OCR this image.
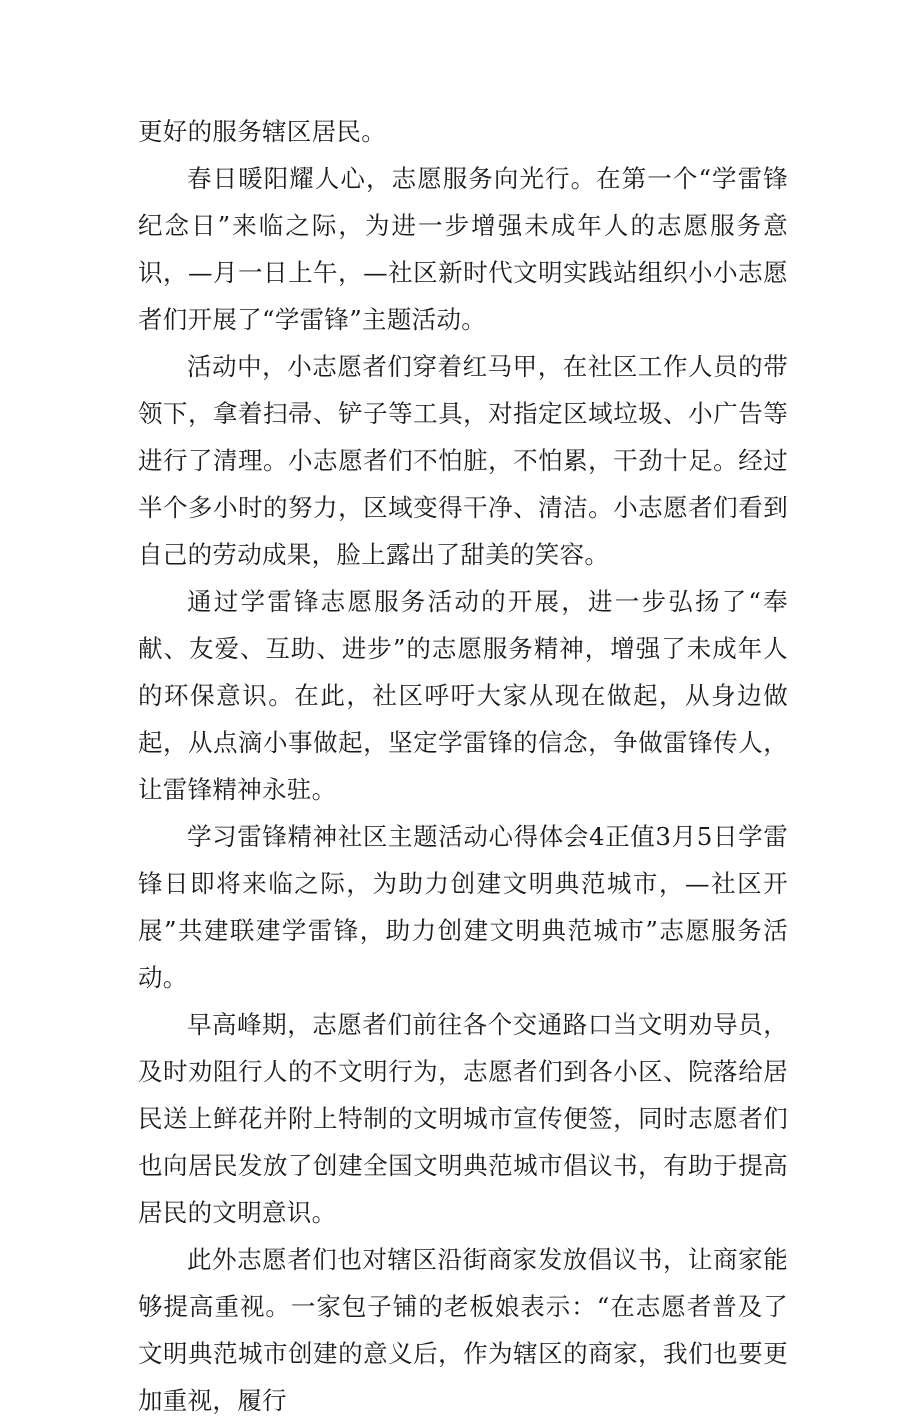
更好的服务辖区居民。

春日暖阳耀人心，志愿服务向光行。在第一个“学雷锋纪念日”来临之际，为进一步增强未成年人的志愿服务意识，—月一日上午，—社区新时代文明实践站组织小小志愿者们开展了“学雷锋”主题活动。

活动中，小志愿者们穿着红马甲，在社区工作人员的带领下，拿着扫帚、铲子等工具，对指定区域垃圾、小广告等进行了清理。小志愿者们不怕脏，不怕累，干劲十足。经过半个多小时的努力，区域变得干净、清洁。小志愿者们看到自己的劳动成果，脸上露出了甜美的笑容。

通过学雷锋志愿服务活动的开展，进一步弘扬了“奉献、友爱、互助、进步”的志愿服务精神，增强了未成年人的环保意识。在此，社区呼吁大家从现在做起，从身边做起，从点滴小事做起，坚定学雷锋的信念，争做雷锋传人，让雷锋精神永驻。

学习雷锋精神社区主题活动心得体会4正值3月5日学雷锋日即将来临之际，为助力创建文明典范城市，—社区开展”共建联建学雷锋，助力创建文明典范城市”志愿服务活动。

早高峰期，志愿者们前往各个交通路口当文明劝导员，及时劝阻行人的不文明行为，志愿者们到各小区、院落给居民送上鲜花并附上特制的文明城市宣传便签，同时志愿者们也向居民发放了创建全国文明典范城市倡议书，有助于提高居民的文明意识。

此外志愿者们也对辖区沿街商家发放倡议书，让商家能够提高重视。一家包子铺的老板娘表示：“在志愿者普及了文明典范城市创建的意义后，作为辖区的商家，我们也要更加重视，履行
